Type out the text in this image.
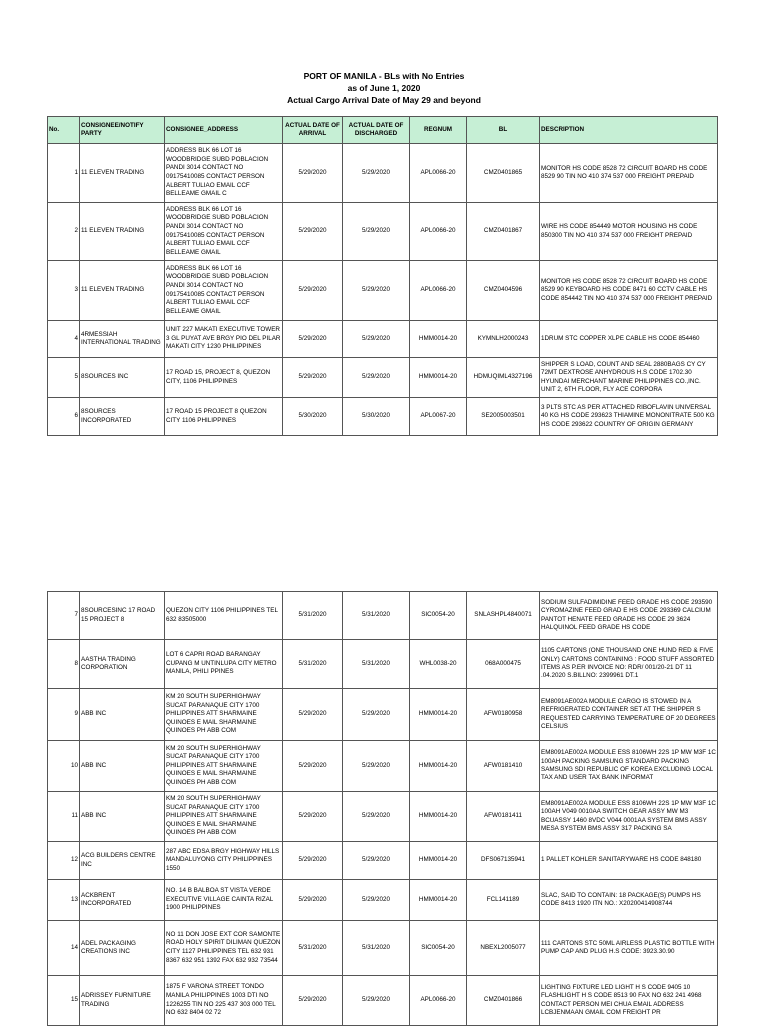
PORT OF MANILA - BLs with No Entries
as of June 1, 2020
Actual Cargo Arrival Date of May 29 and beyond
No.	CONSIGNEE/NOTIFY PARTY	CONSIGNEE_ADDRESS	ACTUAL DATE OF ARRIVAL	ACTUAL DATE OF DISCHARGED	REGNUM	BL	DESCRIPTION
1	11 ELEVEN TRADING	ADDRESS BLK 66 LOT 16 WOODBRIDGE SUBD POBLACION PANDI 3014 CONTACT NO 09175410085 CONTACT PERSON ALBERT TULIAO EMAIL CCF BELLEAME GMAIL C	5/29/2020	5/29/2020	APL0066-20	CMZ0401865	MONITOR HS CODE 8528 72 CIRCUIT BOARD HS CODE 8529 90 TIN NO 410 374 537 000 FREIGHT PREPAID
2	11 ELEVEN TRADING	ADDRESS BLK 66 LOT 16 WOODBRIDGE SUBD POBLACION PANDI 3014 CONTACT NO 09175410085 CONTACT PERSON ALBERT TULIAO EMAIL CCF BELLEAME GMAIL	5/29/2020	5/29/2020	APL0066-20	CMZ0401867	WIRE HS CODE 854449 MOTOR HOUSING HS CODE 850300 TIN NO 410 374 537 000 FREIGHT PREPAID
3	11 ELEVEN TRADING	ADDRESS BLK 66 LOT 16 WOODBRIDGE SUBD POBLACION PANDI 3014 CONTACT NO 09175410085 CONTACT PERSON ALBERT TULIAO EMAIL CCF BELLEAME GMAIL	5/29/2020	5/29/2020	APL0066-20	CMZ0404596	MONITOR HS CODE 8528 72 CIRCUIT BOARD HS CODE 8529 90 KEYBOARD HS CODE 8471 60 CCTV CABLE HS CODE 854442 TIN NO 410 374 537 000 FREIGHT PREPAID
4	4RMESSIAH INTERNATIONAL TRADING	UNIT 227 MAKATI EXECUTIVE TOWER 3 GL PUYAT AVE BRGY PIO DEL PILAR MAKATI CITY 1230 PHILIPPINES	5/29/2020	5/29/2020	HMM0014-20	KYMNLH2000243	1DRUM STC COPPER XLPE CABLE HS CODE 854460
5	8SOURCES INC	17 ROAD 15, PROJECT 8, QUEZON CITY, 1106 PHILIPPINES	5/29/2020	5/29/2020	HMM0014-20	HDMUQIML4327196	SHIPPER S LOAD, COUNT AND SEAL 2880BAGS CY CY 72MT DEXTROSE ANHYDROUS H.S CODE 1702.30 HYUNDAI MERCHANT MARINE PHILIPPINES CO.,INC. UNIT 2, 6TH FLOOR, FLY ACE CORPORA
6	8SOURCES INCORPORATED	17 ROAD 15 PROJECT 8 QUEZON CITY 1106 PHILIPPINES	5/30/2020	5/30/2020	APL0067-20	SE2005003501	3 PLTS STC AS PER ATTACHED RIBOFLAVIN UNIVERSAL 40 KG HS CODE 293623 THIAMINE MONONITRATE 500 KG HS CODE 293622 COUNTRY OF ORIGIN GERMANY
7	8SOURCESINC 17 ROAD 15 PROJECT 8	QUEZON CITY 1106 PHILIPPINES TEL 632 83505000	5/31/2020	5/31/2020	SIC0054-20	SNLASHPL4840071	SODIUM SULFADIMIDINE FEED GRADE HS CODE 293590 CYROMAZINE FEED GRAD E HS CODE 293369 CALCIUM PANTOT HENATE FEED GRADE HS CODE 29 3624 HALQUINOL FEED GRADE HS CODE
8	AASTHA TRADING CORPORATION	LOT 6 CAPRI ROAD BARANGAY CUPANG M UNTINLUPA CITY METRO MANILA, PHILI PPINES	5/31/2020	5/31/2020	WHL0038-20	068A000475	1105 CARTONS (ONE THOUSAND ONE HUND RED & FIVE ONLY) CARTONS CONTAINING : FOOD STUFF ASSORTED ITEMS AS P.ER INVOICE NO: RDR/ 001/20-21 DT 11 .04.2020 S.BILLNO: 2399961 DT.1
9	ABB INC	KM 20 SOUTH SUPERHIGHWAY SUCAT PARANAQUE CITY 1700 PHILIPPINES ATT SHARMAINE QUINOES E MAIL SHARMAINE QUINOES PH ABB COM	5/29/2020	5/29/2020	HMM0014-20	AFW0180958	EM8091AE002A MODULE CARGO IS STOWED IN A REFRIGERATED CONTAINER SET AT THE SHIPPER S REQUESTED CARRYING TEMPERATURE OF 20 DEGREES CELSIUS
10	ABB INC	KM 20 SOUTH SUPERHIGHWAY SUCAT PARANAQUE CITY 1700 PHILIPPINES ATT SHARMAINE QUINOES E MAIL SHARMAINE QUINOES PH ABB COM	5/29/2020	5/29/2020	HMM0014-20	AFW0181410	EM8091AE002A MODULE ESS 8106WH 22S 1P MW M3F 1C 100AH PACKING SAMSUNG STANDARD PACKING SAMSUNG SDI REPUBLIC OF KOREA EXCLUDING LOCAL TAX AND USER TAX BANK INFORMAT
11	ABB INC	KM 20 SOUTH SUPERHIGHWAY SUCAT PARANAQUE CITY 1700 PHILIPPINES ATT SHARMAINE QUINOES E MAIL SHARMAINE QUINOES PH ABB COM	5/29/2020	5/29/2020	HMM0014-20	AFW0181411	EM8091AE002A MODULE ESS 8106WH 22S 1P MW M3F 1C 100AH V049 0010AA SWITCH GEAR ASSY MW M3 BCUASSY 1460 8VDC V044 0001AA SYSTEM BMS ASSY MESA SYSTEM BMS ASSY 317 PACKING SA
12	ACG BUILDERS CENTRE INC	287 ABC EDSA BRGY HIGHWAY HILLS MANDALUYONG CITY PHILIPPINES 1550	5/29/2020	5/29/2020	HMM0014-20	DFS067135941	1 PALLET KOHLER SANITARYWARE HS CODE 848180
13	ACKBRENT INCORPORATED	NO. 14 B BALBOA ST VISTA VERDE EXECUTIVE VILLAGE CAINTA RIZAL 1900 PHILIPPINES	5/29/2020	5/29/2020	HMM0014-20	FCL141189	SLAC, SAID TO CONTAIN: 18 PACKAGE(S) PUMPS HS CODE 8413 1920 ITN NO.: X20200414908744
14	ADEL PACKAGING CREATIONS INC	NO 11 DON JOSE EXT COR SAMONTE ROAD HOLY SPIRIT DILIMAN QUEZON CITY 1127 PHILIPPINES TEL 632 931 8367 632 951 1392 FAX 632 932 73544	5/31/2020	5/31/2020	SIC0054-20	NBEXL2005077	111 CARTONS STC 50ML AIRLESS PLASTIC BOTTLE WITH PUMP CAP AND PLUG H.S CODE: 3923.30.90
15	ADRISSEY FURNITURE TRADING	1875 F VARONA STREET TONDO MANILA PHILIPPINES 1003 DTI NO 1226255 TIN NO 225 437 303 000 TEL NO 632 8404 02 72	5/29/2020	5/29/2020	APL0066-20	CMZ0401866	LIGHTING FIXTURE LED LIGHT H S CODE 9405 10 FLASHLIGHT H S CODE 8513 90 FAX NO 632 241 4968 CONTACT PERSON MEI CHUA EMAIL ADDRESS LCBJENMAAN GMAIL COM FREIGHT PR
